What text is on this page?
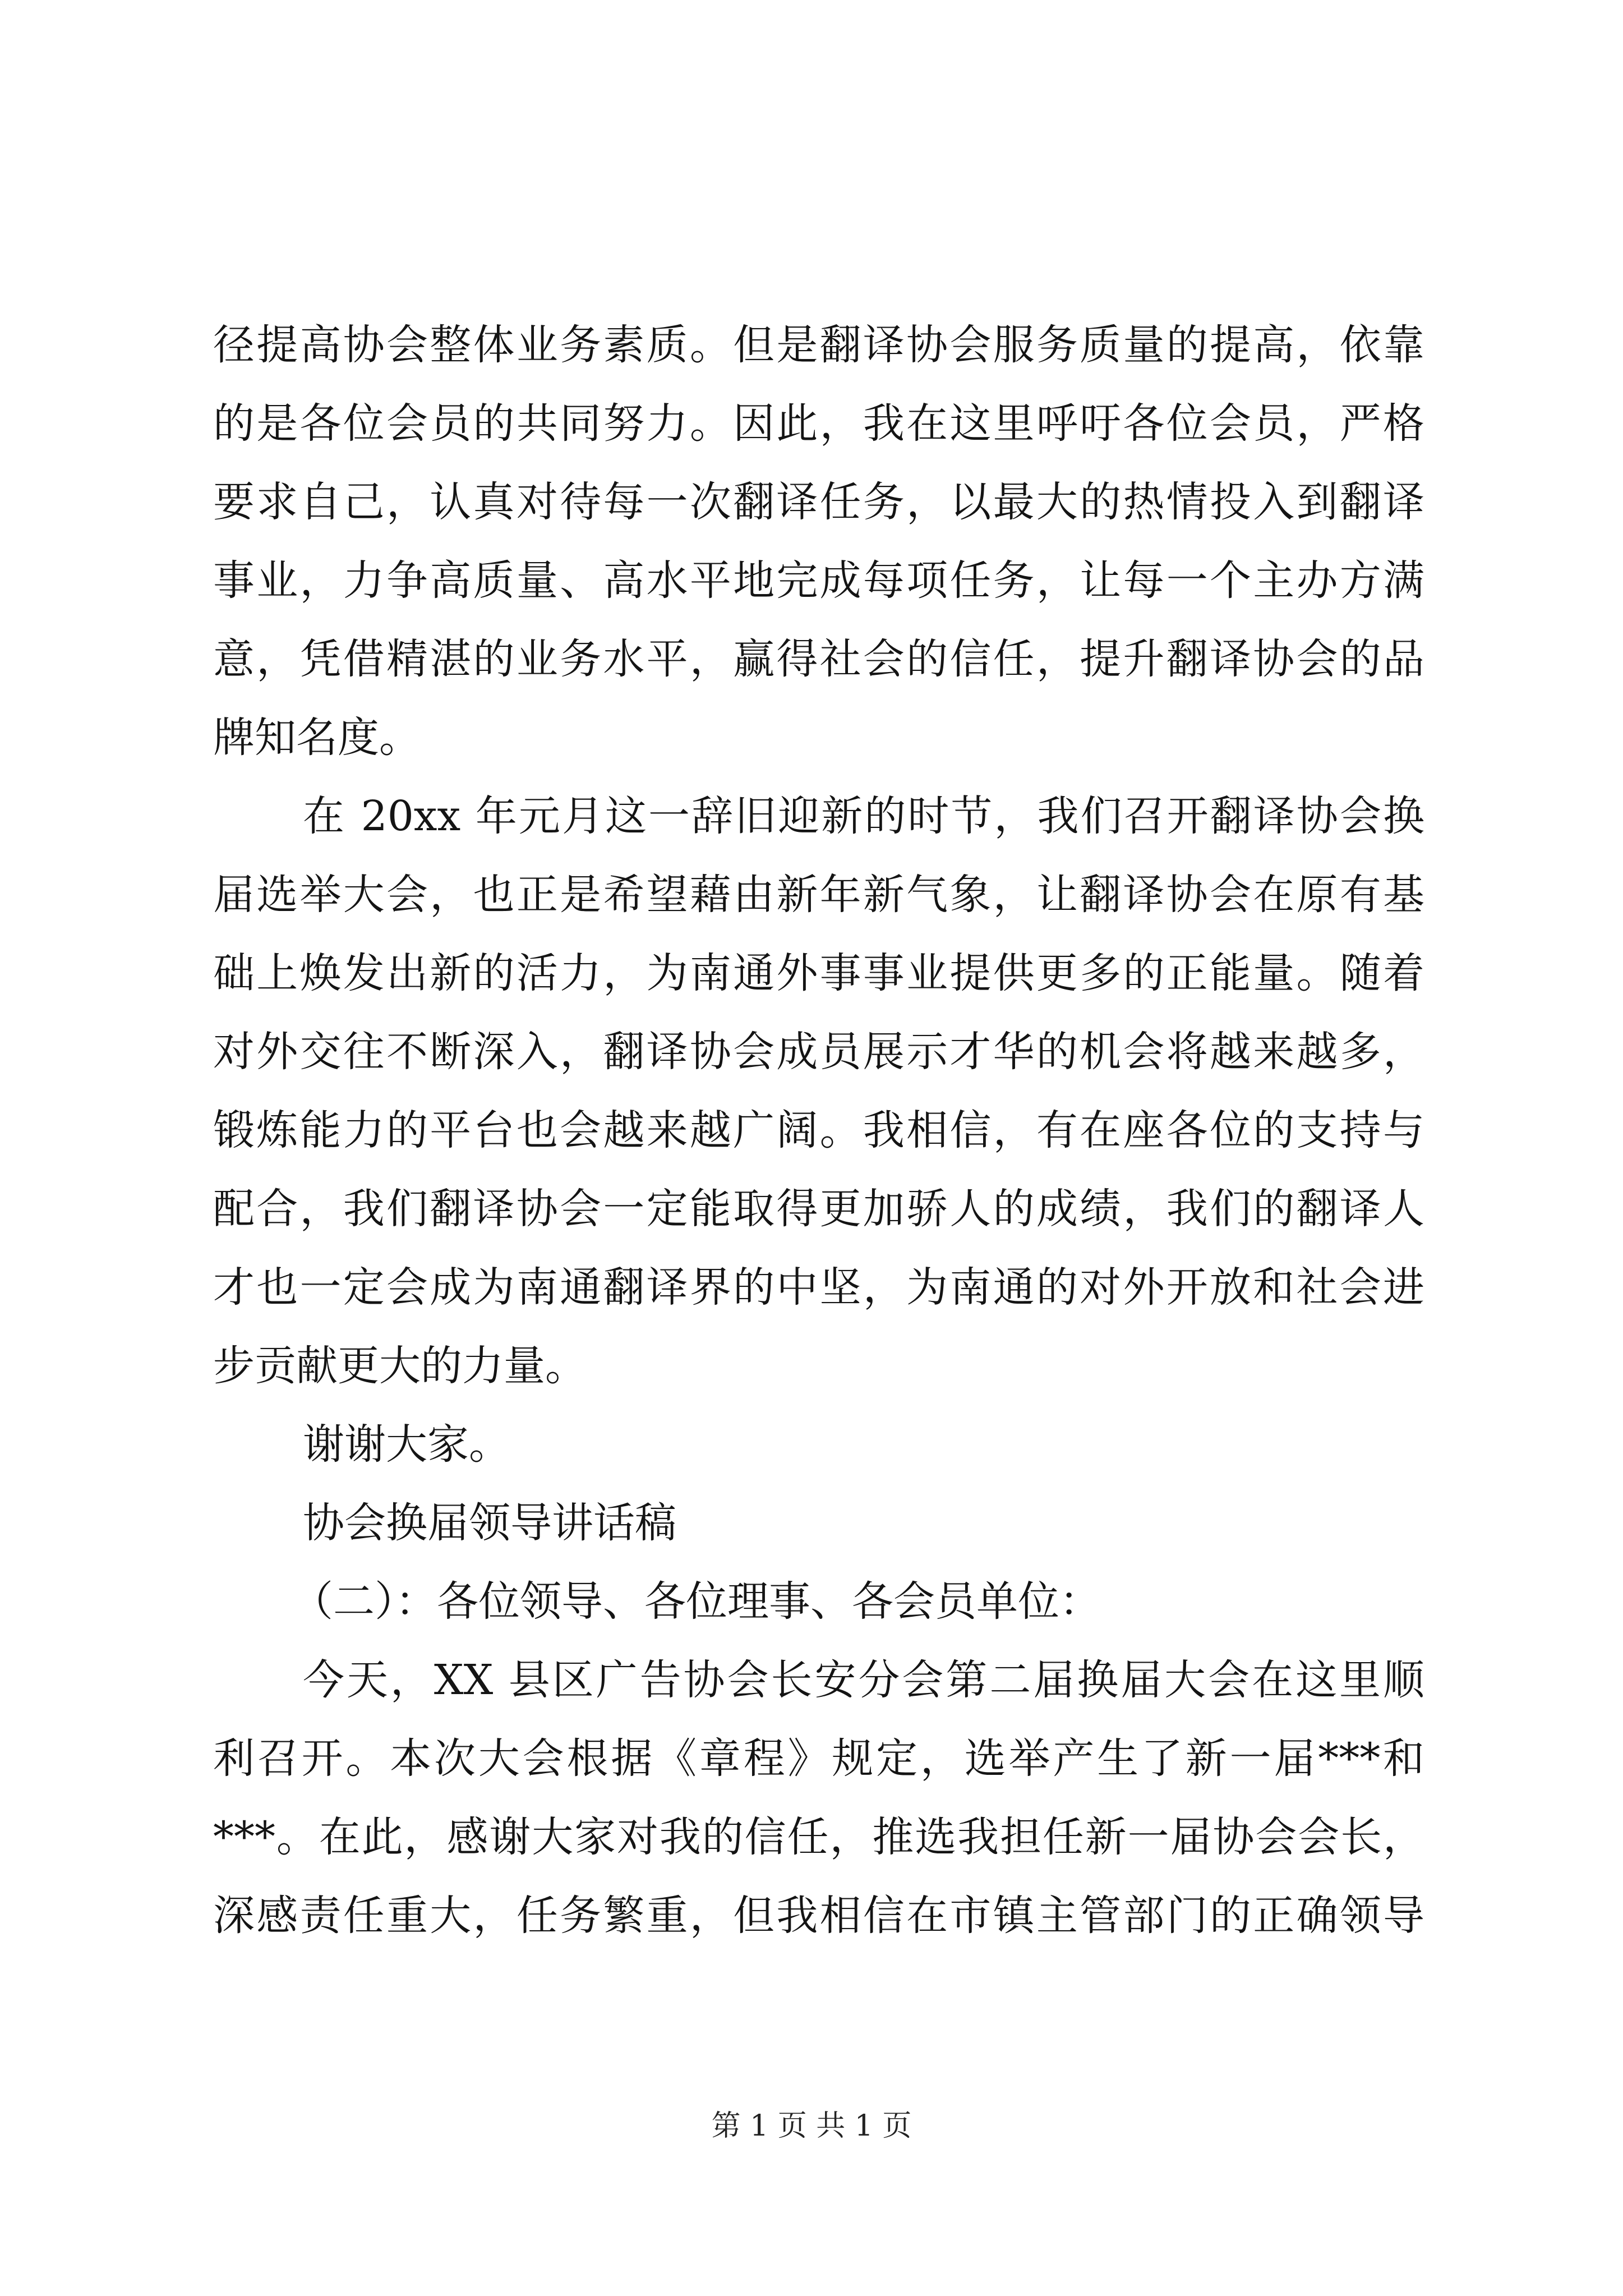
径提高协会整体业务素质。但是翻译协会服务质量的提高，依靠
的是各位会员的共同努力。因此，我在这里呼吁各位会员，严格
要求自己，认真对待每一次翻译任务，以最大的热情投入到翻译
事业，力争高质量、高水平地完成每项任务，让每一个主办方满
意，凭借精湛的业务水平，赢得社会的信任，提升翻译协会的品
牌知名度。
在 20xx 年元月这一辞旧迎新的时节，我们召开翻译协会换
届选举大会，也正是希望藉由新年新气象，让翻译协会在原有基
础上焕发出新的活力，为南通外事事业提供更多的正能量。随着
对外交往不断深入，翻译协会成员展示才华的机会将越来越多，
锻炼能力的平台也会越来越广阔。我相信，有在座各位的支持与
配合，我们翻译协会一定能取得更加骄人的成绩，我们的翻译人
才也一定会成为南通翻译界的中坚，为南通的对外开放和社会进
步贡献更大的力量。
谢谢大家。
协会换届领导讲话稿
（二）：各位领导、各位理事、各会员单位：
今天，XX 县区广告协会长安分会第二届换届大会在这里顺
利召开。本次大会根据《章程》规定，选举产生了新一届***和
***。在此，感谢大家对我的信任，推选我担任新一届协会会长，
深感责任重大，任务繁重，但我相信在市镇主管部门的正确领导
第 1 页 共 1 页
